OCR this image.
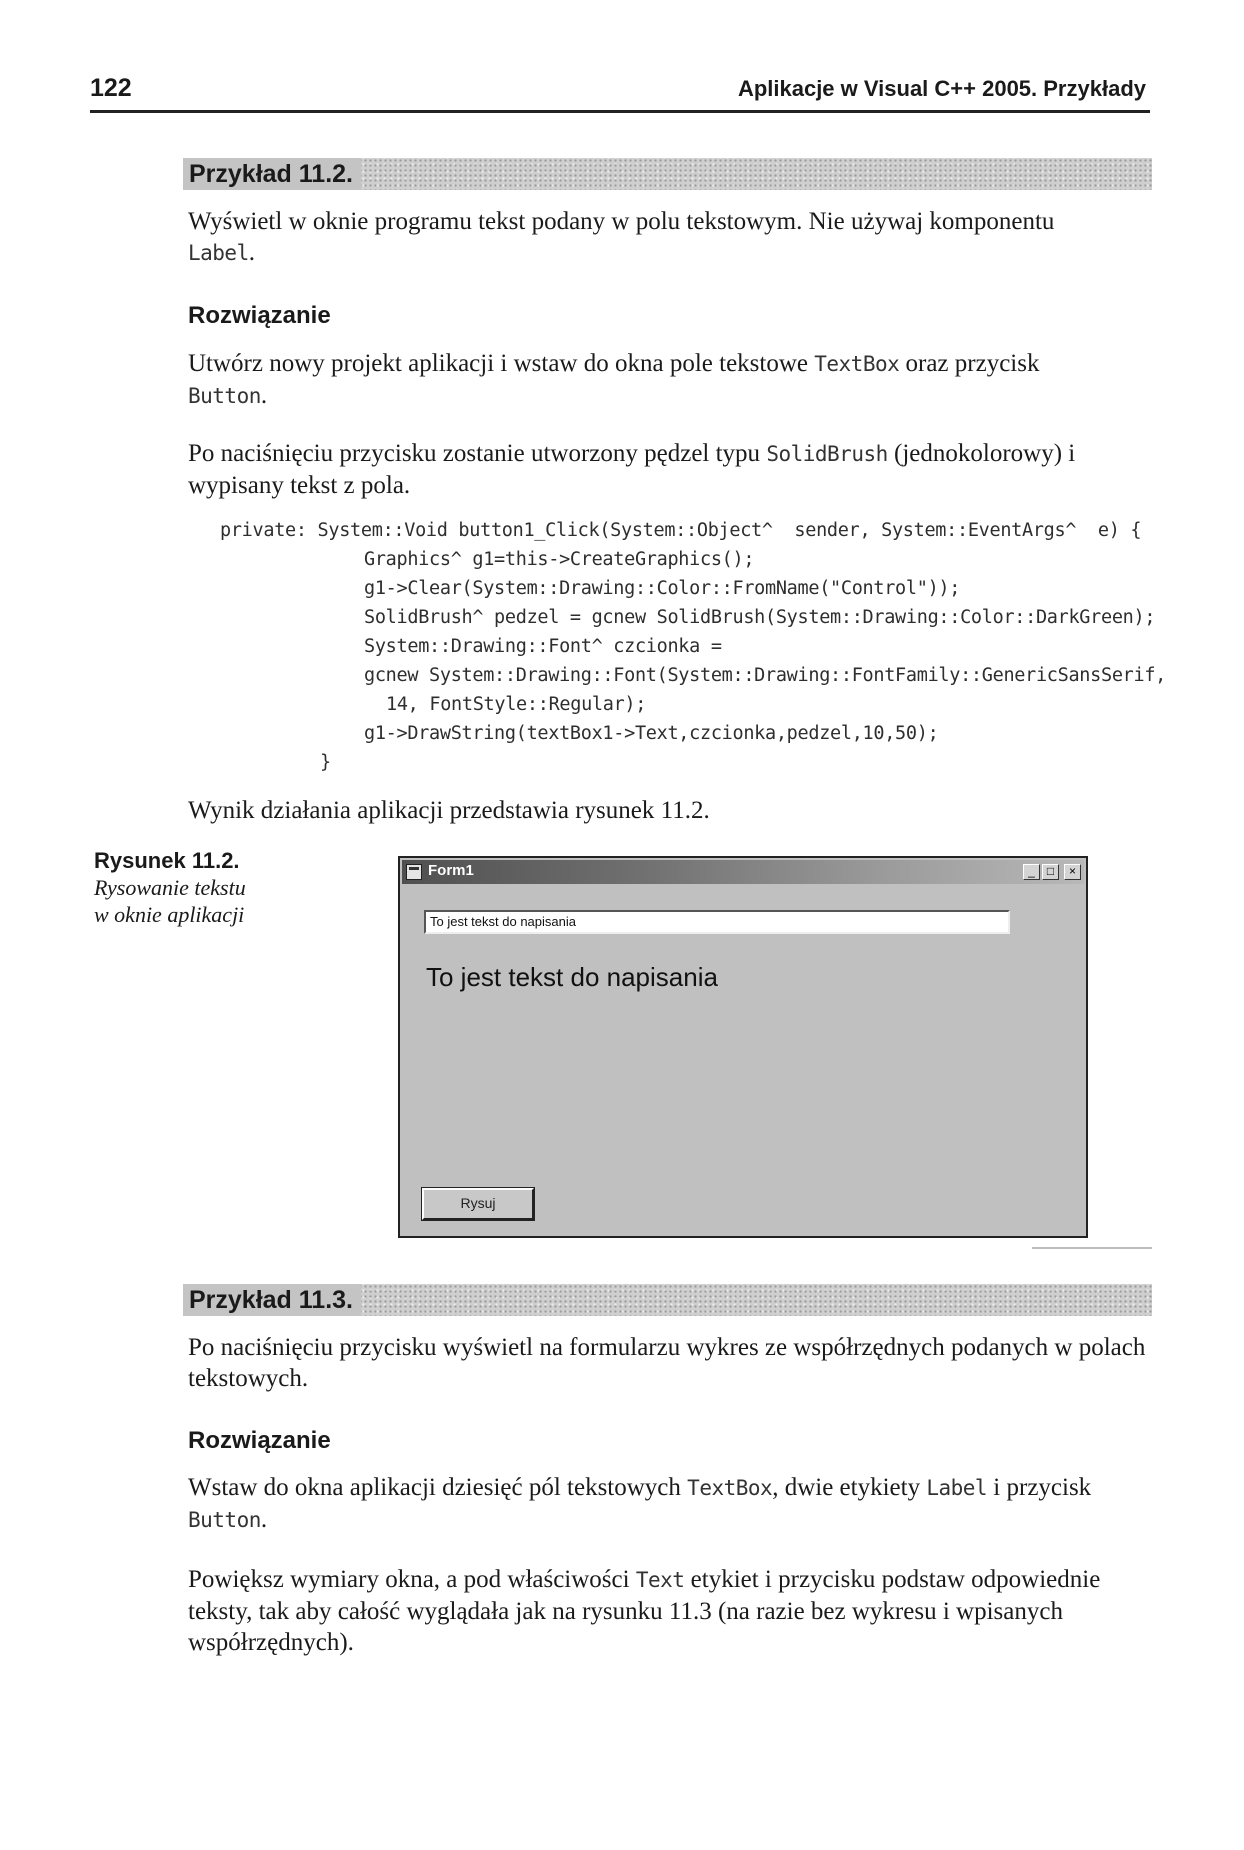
122	Aplikacje w Visual C++ 2005. Przykłady
Przykład 11.2.
Wyświetl w oknie programu tekst podany w polu tekstowym. Nie używaj komponentu
Label.
Rozwiązanie
Utwórz nowy projekt aplikacji i wstaw do okna pole tekstowe TextBox oraz przycisk
Button.
Po naciśnięciu przycisku zostanie utworzony pędzel typu SolidBrush (jednokolorowy) i wypisany tekst z pola.
private: System::Void button1_Click(System::Object^  sender, System::EventArgs^  e) {
Graphics^ g1=this->CreateGraphics();
g1->Clear(System::Drawing::Color::FromName("Control"));
SolidBrush^ pedzel = gcnew SolidBrush(System::Drawing::Color::DarkGreen);
System::Drawing::Font^ czcionka =
gcnew System::Drawing::Font(System::Drawing::FontFamily::GenericSansSerif,
14, FontStyle::Regular);
g1->DrawString(textBox1->Text,czcionka,pedzel,10,50);
}
Wynik działania aplikacji przedstawia rysunek 11.2.
Rysunek 11.2.
Rysowanie tekstu
w oknie aplikacji
Form1	_	□	×
To jest tekst do napisania
To jest tekst do napisania
Rysuj
Przykład 11.3.
Po naciśnięciu przycisku wyświetl na formularzu wykres ze współrzędnych podanych w polach tekstowych.
Rozwiązanie
Wstaw do okna aplikacji dziesięć pól tekstowych TextBox, dwie etykiety Label i przycisk Button.
Powiększ wymiary okna, a pod właściwości Text etykiet i przycisku podstaw odpowiednie teksty, tak aby całość wyglądała jak na rysunku 11.3 (na razie bez wykresu i wpisanych współrzędnych).
